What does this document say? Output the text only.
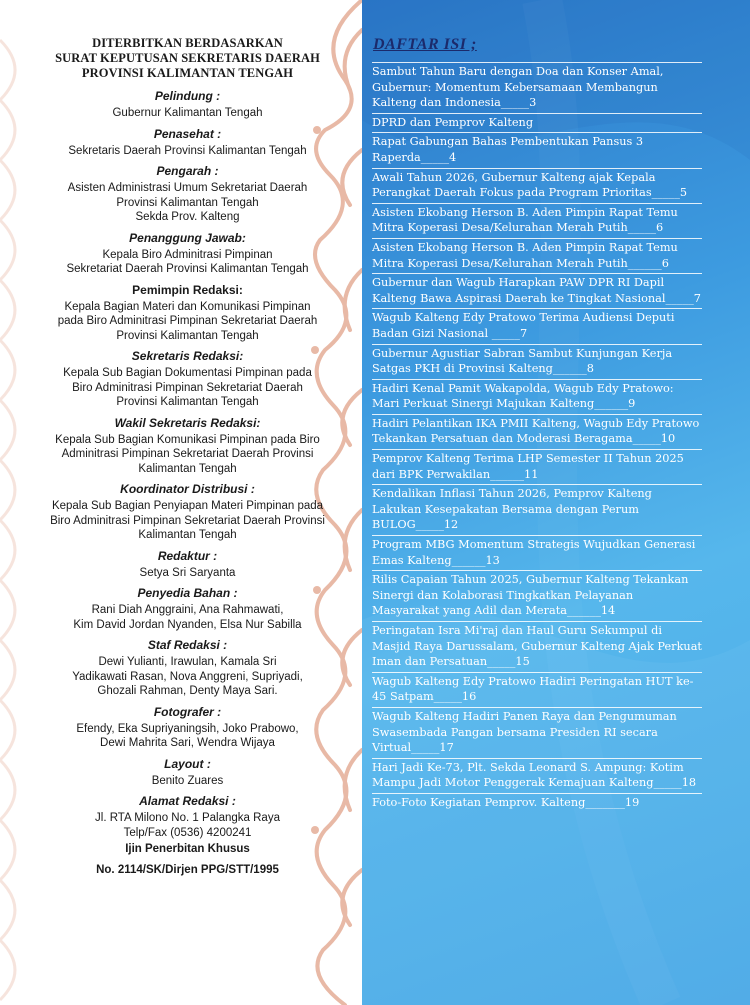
DITERBITKAN BERDASARKAN
SURAT KEPUTUSAN SEKRETARIS DAERAH
PROVINSI KALIMANTAN TENGAH
Pelindung :
Gubernur Kalimantan Tengah
Penasehat :
Sekretaris Daerah Provinsi Kalimantan Tengah
Pengarah :
Asisten Administrasi Umum Sekretariat Daerah
Provinsi Kalimantan Tengah
Sekda Prov. Kalteng
Penanggung Jawab:
Kepala Biro Adminitrasi Pimpinan
Sekretariat Daerah Provinsi Kalimantan Tengah
Pemimpin Redaksi:
Kepala Bagian Materi dan Komunikasi Pimpinan
pada Biro Adminitrasi Pimpinan Sekretariat Daerah
Provinsi Kalimantan Tengah
Sekretaris Redaksi:
Kepala Sub Bagian Dokumentasi Pimpinan pada
Biro Adminitrasi Pimpinan Sekretariat Daerah
Provinsi Kalimantan Tengah
Wakil Sekretaris Redaksi:
Kepala Sub Bagian Komunikasi Pimpinan pada Biro
Adminitrasi Pimpinan Sekretariat Daerah Provinsi
Kalimantan Tengah
Koordinator Distribusi :
Kepala Sub Bagian Penyiapan Materi Pimpinan pada
Biro Adminitrasi Pimpinan Sekretariat Daerah Provinsi
Kalimantan Tengah
Redaktur :
Setya Sri Saryanta
Penyedia Bahan :
Rani Diah Anggraini, Ana Rahmawati,
Kim David Jordan Nyanden, Elsa Nur Sabilla
Staf Redaksi :
Dewi Yulianti, Irawulan, Kamala Sri
Yadikawati Rasan, Nova Anggreni, Supriyadi,
Ghozali Rahman, Denty Maya Sari.
Fotografer :
Efendy, Eka Supriyaningsih, Joko Prabowo,
Dewi Mahrita Sari, Wendra Wijaya
Layout :
Benito Zuares
Alamat Redaksi :
Jl. RTA Milono No. 1 Palangka Raya
Telp/Fax (0536) 4200241
Ijin Penerbitan Khusus
No. 2114/SK/Dirjen PPG/STT/1995
DAFTAR ISI ;
Sambut Tahun Baru dengan Doa dan Konser Amal, Gubernur: Momentum Kebersamaan Membangun Kalteng dan Indonesia_____3
DPRD dan Pemprov Kalteng
Rapat Gabungan Bahas Pembentukan Pansus 3 Raperda_____4
Awali Tahun 2026, Gubernur Kalteng ajak Kepala Perangkat Daerah Fokus pada Program Prioritas_____5
Asisten Ekobang Herson B. Aden Pimpin Rapat Temu Mitra Koperasi Desa/Kelurahan Merah Putih_____6
Asisten Ekobang Herson B. Aden Pimpin Rapat Temu Mitra Koperasi Desa/Kelurahan Merah Putih______6
Gubernur dan Wagub Harapkan PAW DPR RI Dapil Kalteng Bawa Aspirasi Daerah ke Tingkat Nasional_____7
Wagub Kalteng Edy Pratowo Terima Audiensi Deputi Badan Gizi Nasional _____7
Gubernur Agustiar Sabran Sambut Kunjungan Kerja Satgas PKH di Provinsi Kalteng______8
Hadiri Kenal Pamit Wakapolda, Wagub Edy Pratowo: Mari Perkuat Sinergi Majukan Kalteng______9
Hadiri Pelantikan IKA PMII Kalteng, Wagub Edy Pratowo Tekankan Persatuan dan Moderasi Beragama_____10
Pemprov Kalteng Terima LHP Semester II Tahun 2025 dari BPK Perwakilan______11
Kendalikan Inflasi Tahun 2026, Pemprov Kalteng Lakukan Kesepakatan Bersama dengan Perum BULOG_____12
Program MBG Momentum Strategis Wujudkan Generasi Emas Kalteng______13
Rilis Capaian Tahun 2025, Gubernur Kalteng Tekankan Sinergi dan Kolaborasi Tingkatkan Pelayanan Masyarakat yang Adil dan Merata______14
Peringatan Isra Mi'raj dan Haul Guru Sekumpul di Masjid Raya Darussalam, Gubernur Kalteng Ajak Perkuat Iman dan Persatuan_____15
Wagub Kalteng Edy Pratowo Hadiri Peringatan HUT ke-45 Satpam_____16
Wagub Kalteng Hadiri Panen Raya dan Pengumuman Swasembada Pangan bersama Presiden RI secara Virtual_____17
Hari Jadi Ke-73, Plt. Sekda Leonard S. Ampung: Kotim Mampu Jadi Motor Penggerak Kemajuan Kalteng_____18
Foto-Foto Kegiatan Pemprov. Kalteng_______19
